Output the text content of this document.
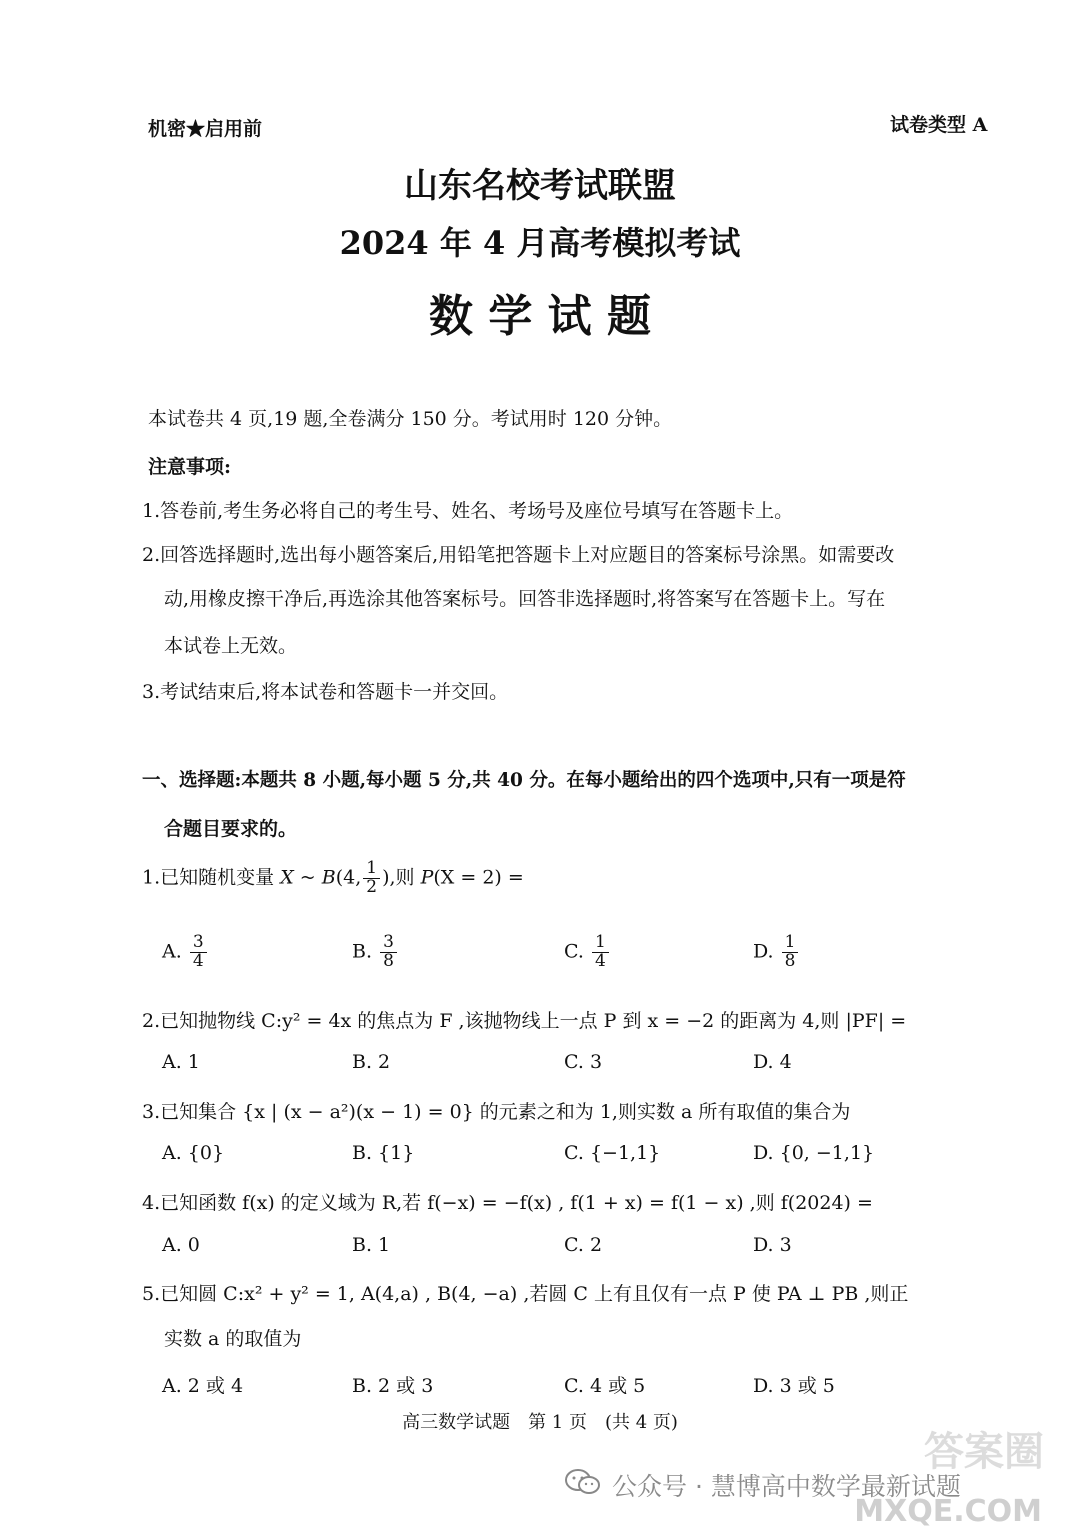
机密★启用前	试卷类型 A
山东名校考试联盟
2024 年 4 月高考模拟考试
数 学 试 题
本试卷共 4 页,19 题,全卷满分 150 分。考试用时 120 分钟。
注意事项:
1.答卷前,考生务必将自己的考生号、姓名、考场号及座位号填写在答题卡上。
2.回答选择题时,选出每小题答案后,用铅笔把答题卡上对应题目的答案标号涂黑。如需要改
动,用橡皮擦干净后,再选涂其他答案标号。回答非选择题时,将答案写在答题卡上。写在
本试卷上无效。
3.考试结束后,将本试卷和答题卡一并交回。
一、选择题:本题共 8 小题,每小题 5 分,共 40 分。在每小题给出的四个选项中,只有一项是符
合题目要求的。
1.已知随机变量 X ~ B(4, $\frac{1}{2}$ ),则 P(X = 2) =
A. $\frac{3}{4}$	B. $\frac{3}{8}$	C. $\frac{1}{4}$	D. $\frac{1}{8}$
2.已知抛物线 C:y² = 4x 的焦点为 F ,该抛物线上一点 P 到 x = −2 的距离为 4,则 |PF| =
A. 1	B. 2	C. 3	D. 4
3.已知集合 {x | (x − a²)(x − 1) = 0} 的元素之和为 1,则实数 a 所有取值的集合为
A. {0}	B. {1}	C. {−1,1}	D. {0, −1,1}
4.已知函数 f(x) 的定义域为 R,若 f(−x) = −f(x) , f(1 + x) = f(1 − x) ,则 f(2024) =
A. 0	B. 1	C. 2	D. 3
5.已知圆 C:x² + y² = 1, A(4,a) , B(4, −a) ,若圆 C 上有且仅有一点 P 使 PA ⊥ PB ,则正
实数 a 的取值为
A. 2 或 4	B. 2 或 3	C. 4 或 5	D. 3 或 5
高三数学试题　第 1 页　(共 4 页)
答案圈
公众号 · 慧博高中数学最新试题
MXQE.COM
